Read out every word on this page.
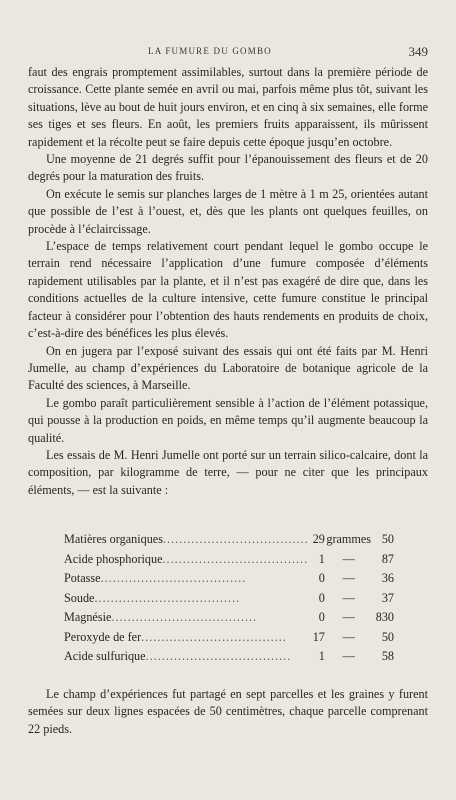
LA FUMURE DU GOMBO	349

faut des engrais promptement assimilables, surtout dans la première période de croissance. Cette plante semée en avril ou mai, parfois même plus tôt, suivant les situations, lève au bout de huit jours environ, et en cinq à six semaines, elle forme ses tiges et ses fleurs. En août, les premiers fruits apparaissent, ils mûrissent rapidement et la récolte peut se faire depuis cette époque jusqu’en octobre.

Une moyenne de 21 degrés suffit pour l’épanouissement des fleurs et de 20 degrés pour la maturation des fruits.

On exécute le semis sur planches larges de 1 mètre à 1 m 25, orientées autant que possible de l’est à l’ouest, et, dès que les plants ont quelques feuilles, on procède à l’éclaircissage.

L’espace de temps relativement court pendant lequel le gombo occupe le terrain rend nécessaire l’application d’une fumure composée d’éléments rapidement utilisables par la plante, et il n’est pas exagéré de dire que, dans les conditions actuelles de la culture intensive, cette fumure constitue le principal facteur à considérer pour l’obtention des hauts rendements en produits de choix, c’est-à-dire des bénéfices les plus élevés.

On en jugera par l’exposé suivant des essais qui ont été faits par M. Henri Jumelle, au champ d’expériences du Laboratoire de botanique agricole de la Faculté des sciences, à Marseille.

Le gombo paraît particulièrement sensible à l’action de l’élément potassique, qui pousse à la production en poids, en même temps qu’il augmente beaucoup la qualité.

Les essais de M. Henri Jumelle ont porté sur un terrain silico-calcaire, dont la composition, par kilogramme de terre, — pour ne citer que les principaux éléments, — est la suivante :

Matières organiques....................................	29	grammes	50
Acide phosphorique....................................	1	—	87
Potasse....................................	0	—	36
Soude....................................	0	—	37
Magnésie....................................	0	—	830
Peroxyde de fer....................................	17	—	50
Acide sulfurique....................................	1	—	58

Le champ d’expériences fut partagé en sept parcelles et les graines y furent semées sur deux lignes espacées de 50 centimètres, chaque parcelle comprenant 22 pieds.
